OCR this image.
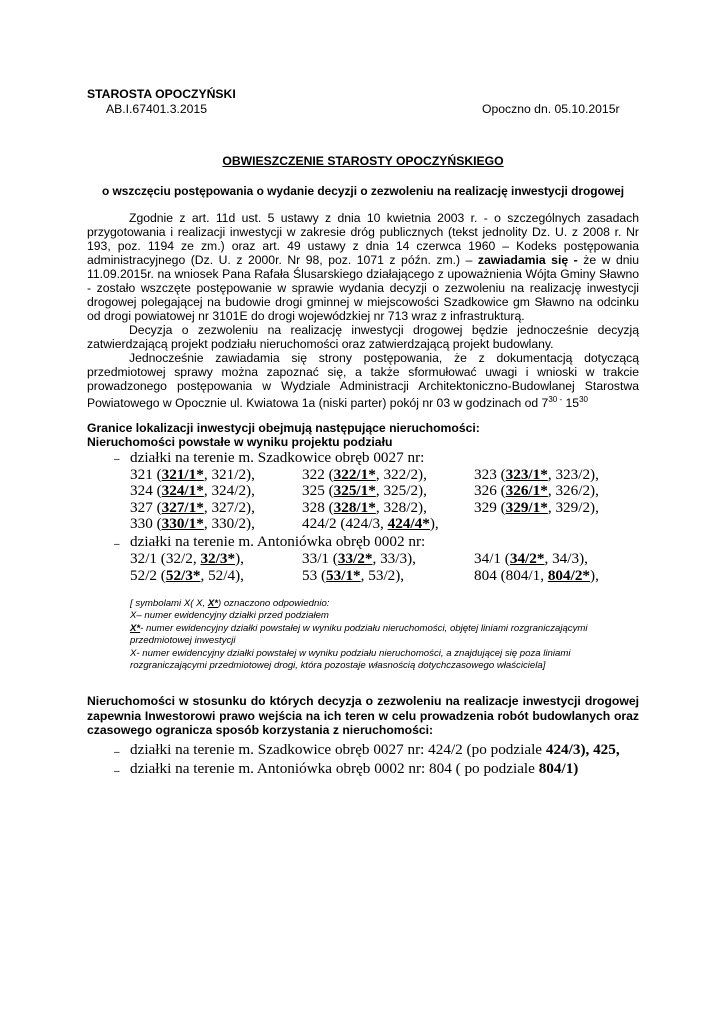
STAROSTA OPOCZYŃSKI
AB.I.67401.3.2015	Opoczno dn. 05.10.2015r
OBWIESZCZENIE STAROSTY OPOCZYŃSKIEGO
o wszczęciu postępowania o wydanie decyzji o zezwoleniu na realizację inwestycji drogowej
Zgodnie z art. 11d ust. 5 ustawy z dnia 10 kwietnia 2003 r. - o szczególnych zasadach przygotowania i realizacji inwestycji w zakresie dróg publicznych (tekst jednolity Dz. U. z 2008 r. Nr 193, poz. 1194 ze zm.) oraz art. 49 ustawy z dnia 14 czerwca 1960 – Kodeks postępowania administracyjnego (Dz. U. z 2000r. Nr 98, poz. 1071 z późn. zm.) – zawiadamia się - że w dniu 11.09.2015r. na wniosek Pana Rafała Ślusarskiego działającego z upoważnienia Wójta Gminy Sławno - zostało wszczęte postępowanie w sprawie wydania decyzji o zezwoleniu na realizację inwestycji drogowej polegającej na budowie drogi gminnej w miejscowości Szadkowice gm Sławno na odcinku od drogi powiatowej nr 3101E do drogi wojewódzkiej nr 713 wraz z infrastrukturą.
Decyzja o zezwoleniu na realizację inwestycji drogowej będzie jednocześnie decyzją zatwierdzającą projekt podziału nieruchomości oraz zatwierdzającą projekt budowlany.
Jednocześnie zawiadamia się strony postępowania, że z dokumentacją dotyczącą przedmiotowej sprawy można zapoznać się, a także sformułować uwagi i wnioski w trakcie prowadzonego postępowania w Wydziale Administracji Architektoniczno-Budowlanej Starostwa Powiatowego w Opocznie ul. Kwiatowa 1a (niski parter) pokój nr 03 w godzinach od $7^{30 -}$ $15^{30}$
Granice lokalizacji inwestycji obejmują następujące nieruchomości:
Nieruchomości powstałe w wyniku projektu podziału
– działki na terenie m. Szadkowice obręb 0027 nr:
321 (321/1*, 321/2),	322 (322/1*, 322/2),	323 (323/1*, 323/2),
324 (324/1*, 324/2),	325 (325/1*, 325/2),	326 (326/1*, 326/2),
327 (327/1*, 327/2),	328 (328/1*, 328/2),	329 (329/1*, 329/2),
330 (330/1*, 330/2),	424/2 (424/3, 424/4*),
– działki na terenie m. Antoniówka obręb 0002 nr:
32/1 (32/2, 32/3*),	33/1 (33/2*, 33/3),	34/1 (34/2*, 34/3),
52/2 (52/3*, 52/4),	53 (53/1*, 53/2),	804 (804/1, 804/2*),
[ symbolami X( X, X*) oznaczono odpowiednio:
X– numer ewidencyjny działki przed podziałem
X*- numer ewidencyjny działki powstałej w wyniku podziału nieruchomości, objętej liniami rozgraniczającymi przedmiotowej inwestycji
X- numer ewidencyjny działki powstałej w wyniku podziału nieruchomości, a znajdującej się poza liniami rozgraniczającymi przedmiotowej drogi, która pozostaje własnością dotychczasowego właściciela]
Nieruchomości w stosunku do których decyzja o zezwoleniu na realizacje inwestycji drogowej zapewnia Inwestorowi prawo wejścia na ich teren w celu prowadzenia robót budowlanych oraz czasowego ogranicza sposób korzystania z nieruchomości:
– działki na terenie m. Szadkowice obręb 0027 nr: 424/2 (po podziale 424/3), 425,
– działki na terenie m. Antoniówka obręb 0002 nr: 804 ( po podziale 804/1)
